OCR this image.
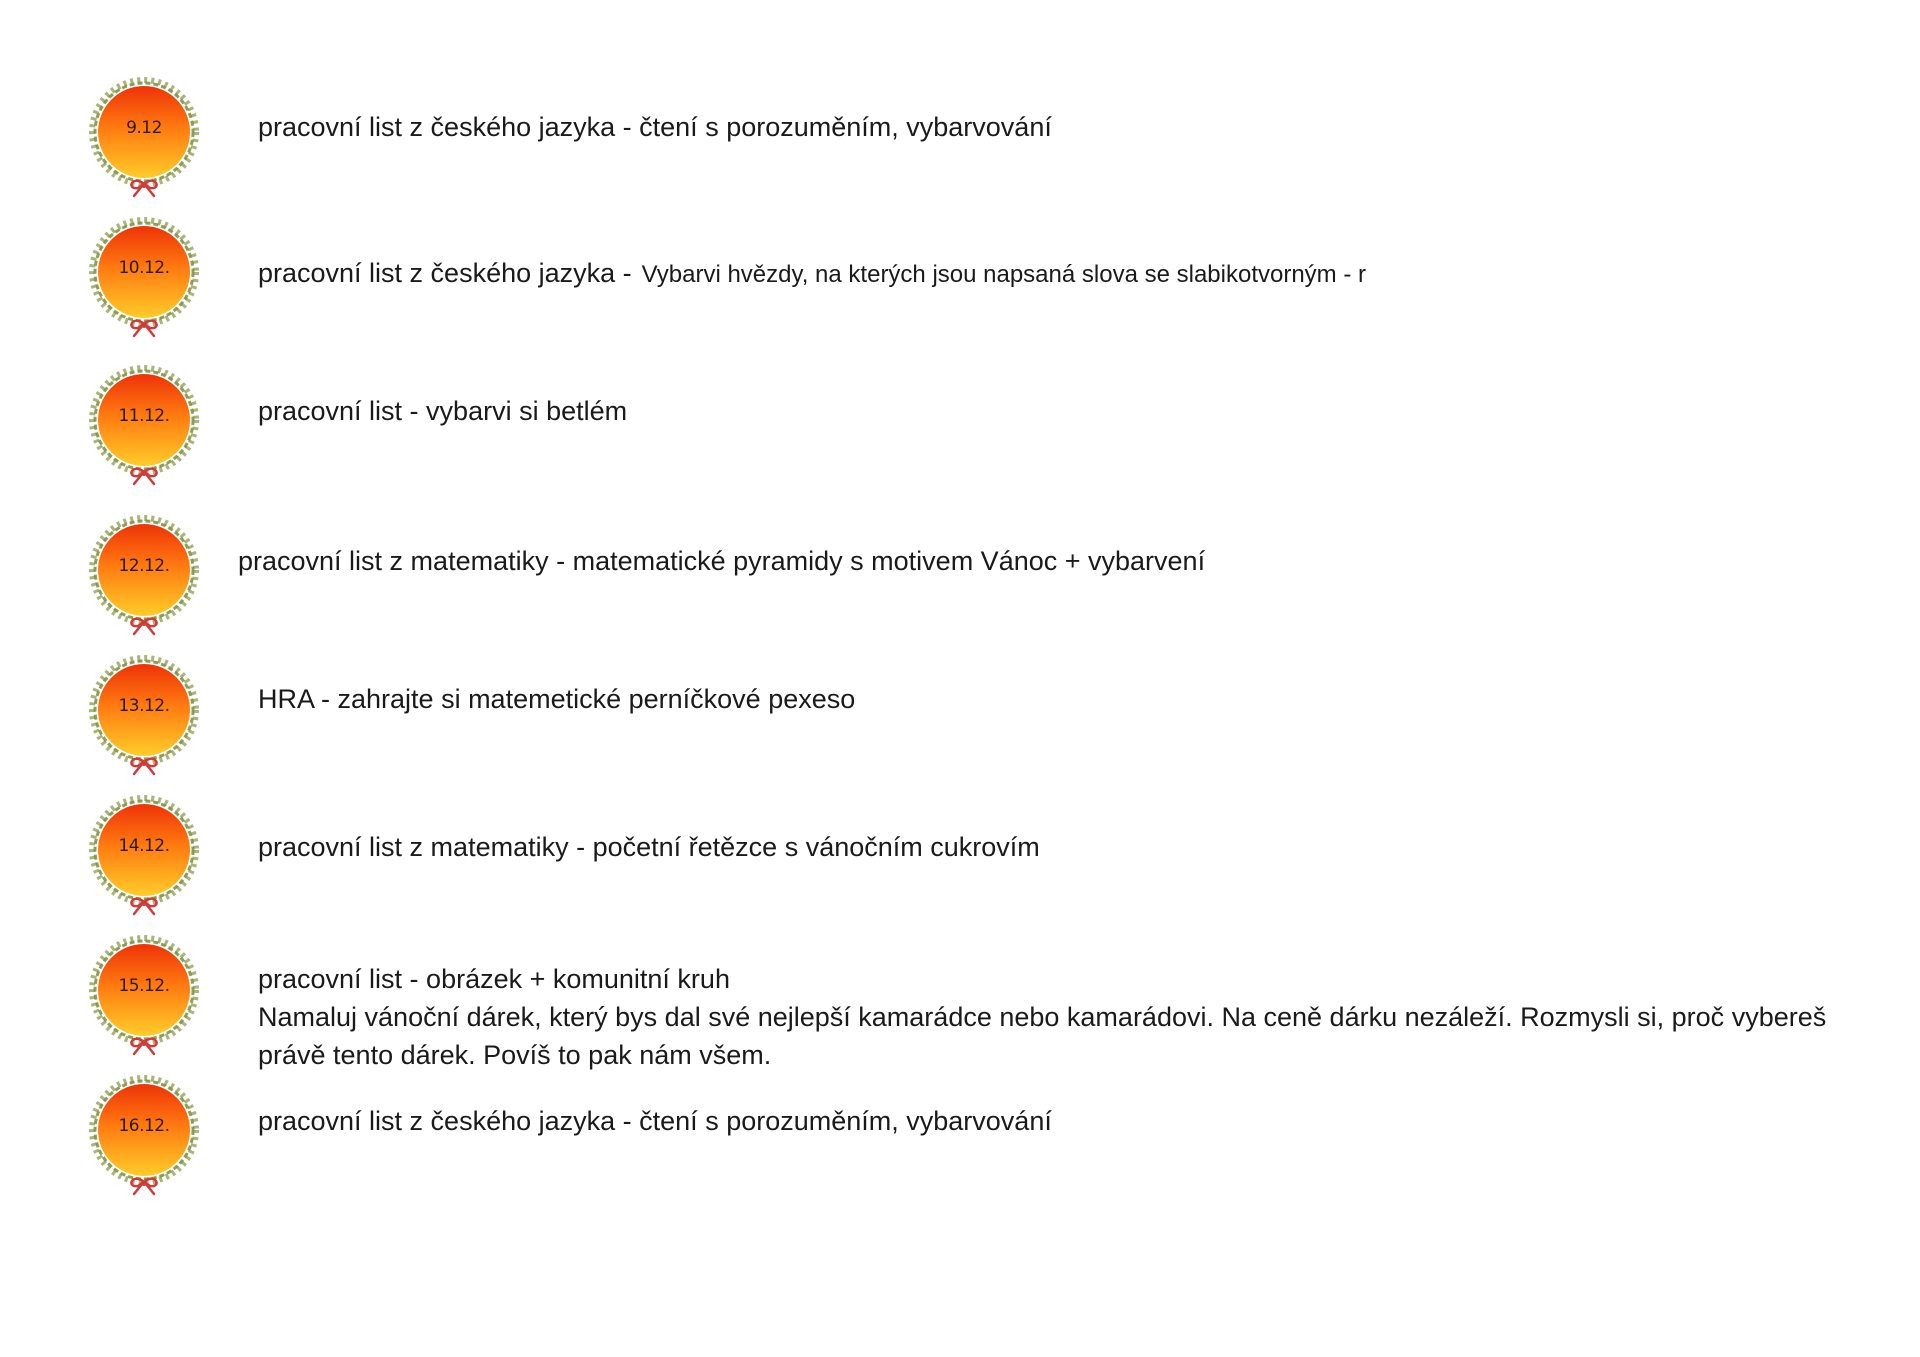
9.12	pracovní list z českého jazyka - čtení s porozuměním, vybarvování
10.12.	pracovní list z českého jazyka - Vybarvi hvězdy, na kterých jsou napsaná slova se slabikotvorným - r
11.12.	pracovní list - vybarvi si betlém
12.12.	pracovní list z matematiky - matematické pyramidy s motivem Vánoc + vybarvení
13.12.	HRA - zahrajte si matemetické perníčkové pexeso
14.12.	pracovní list z matematiky - početní řetězce s vánočním cukrovím
15.12.	pracovní list - obrázek + komunitní kruh

Namaluj vánoční dárek, který bys dal své nejlepší kamarádce nebo kamarádovi. Na ceně dárku nezáleží. Rozmysli si, proč vybereš právě tento dárek. Povíš to pak nám všem.

16.12.	pracovní list z českého jazyka - čtení s porozuměním, vybarvování
